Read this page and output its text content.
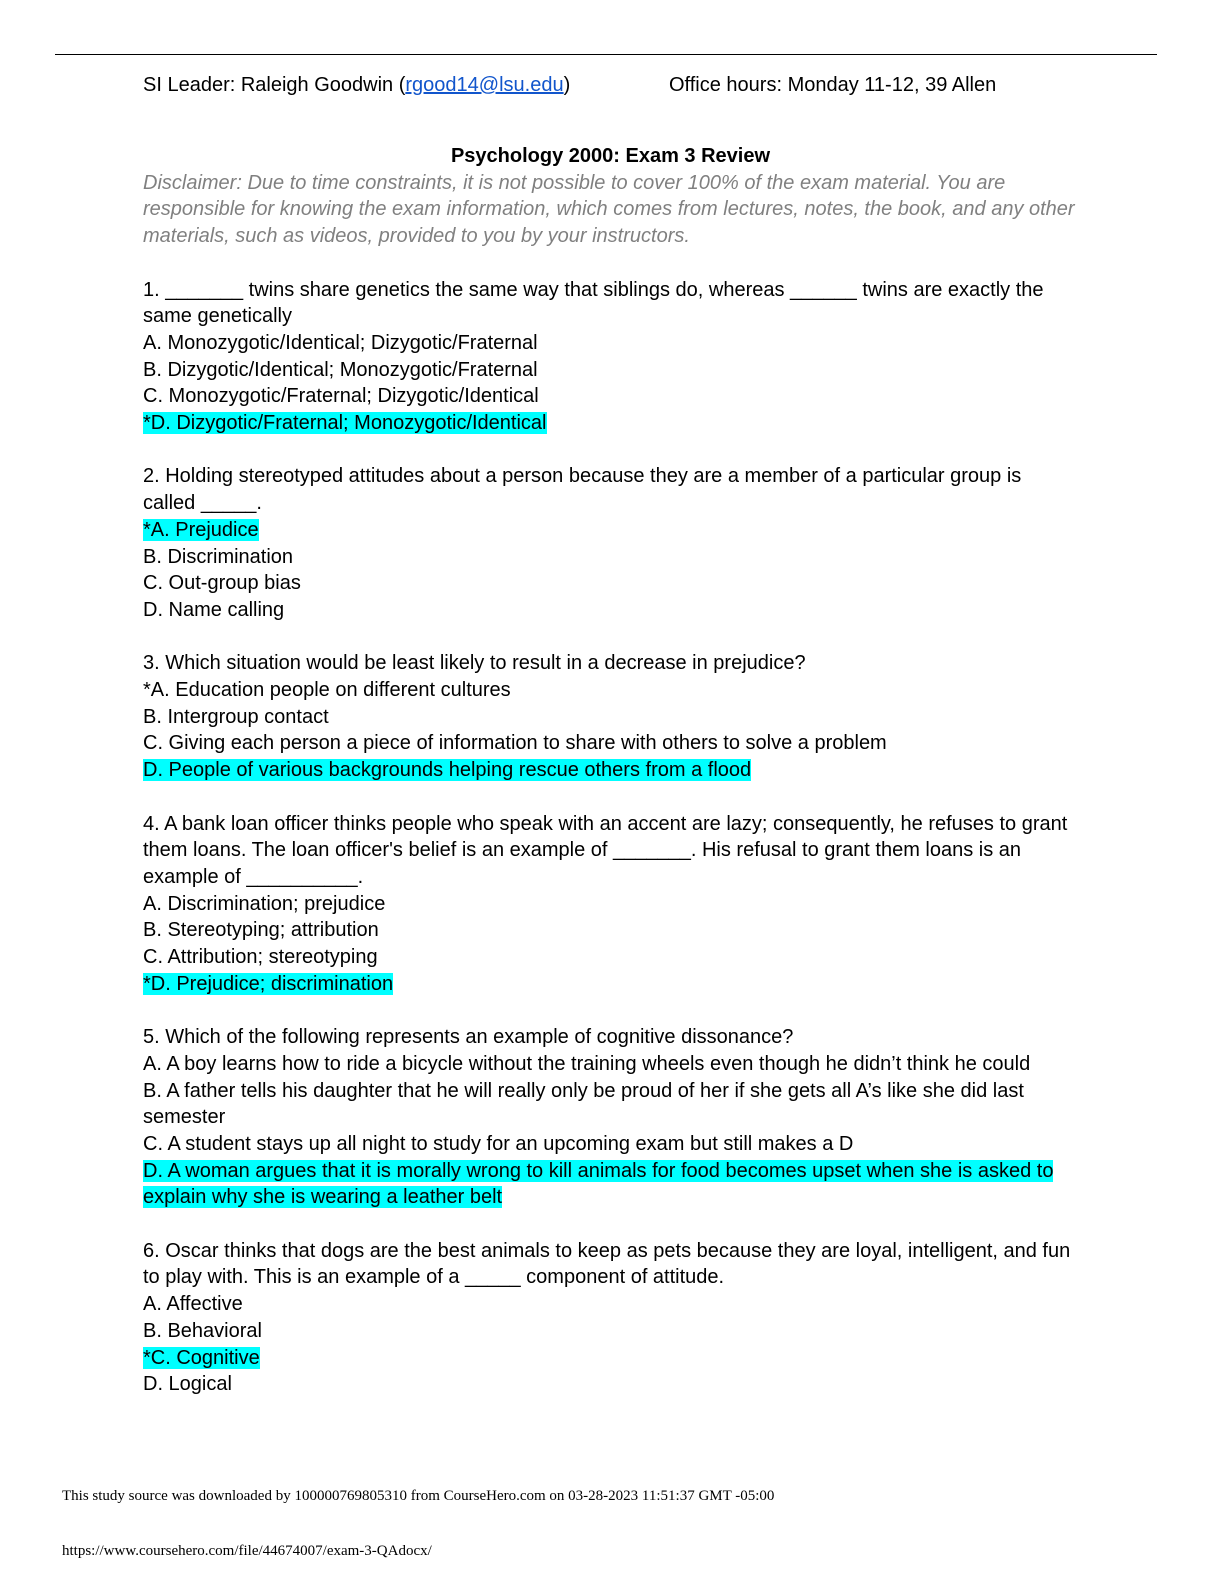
SI Leader: Raleigh Goodwin (rgood14@lsu.edu)	Office hours: Monday 11-12, 39 Allen
Psychology 2000: Exam 3 Review
Disclaimer: Due to time constraints, it is not possible to cover 100% of the exam material. You are responsible for knowing the exam information, which comes from lectures, notes, the book, and any other materials, such as videos, provided to you by your instructors.
1. _______ twins share genetics the same way that siblings do, whereas ______ twins are exactly the same genetically
A. Monozygotic/Identical; Dizygotic/Fraternal
B. Dizygotic/Identical; Monozygotic/Fraternal
C. Monozygotic/Fraternal; Dizygotic/Identical
*D. Dizygotic/Fraternal; Monozygotic/Identical
2. Holding stereotyped attitudes about a person because they are a member of a particular group is called _____.
*A. Prejudice
B. Discrimination
C. Out-group bias
D. Name calling
3. Which situation would be least likely to result in a decrease in prejudice?
*A. Education people on different cultures
B. Intergroup contact
C. Giving each person a piece of information to share with others to solve a problem
D. People of various backgrounds helping rescue others from a flood
4. A bank loan officer thinks people who speak with an accent are lazy; consequently, he refuses to grant them loans. The loan officer's belief is an example of _______. His refusal to grant them loans is an example of __________.
A. Discrimination; prejudice
B. Stereotyping; attribution
C. Attribution; stereotyping
*D. Prejudice; discrimination
5. Which of the following represents an example of cognitive dissonance?
A. A boy learns how to ride a bicycle without the training wheels even though he didn’t think he could
B. A father tells his daughter that he will really only be proud of her if she gets all A’s like she did last semester
C. A student stays up all night to study for an upcoming exam but still makes a D
D. A woman argues that it is morally wrong to kill animals for food becomes upset when she is asked to explain why she is wearing a leather belt
6. Oscar thinks that dogs are the best animals to keep as pets because they are loyal, intelligent, and fun to play with. This is an example of a _____ component of attitude.
A. Affective
B. Behavioral
*C. Cognitive
D. Logical
This study source was downloaded by 100000769805310 from CourseHero.com on 03-28-2023 11:51:37 GMT -05:00
https://www.coursehero.com/file/44674007/exam-3-QAdocx/
